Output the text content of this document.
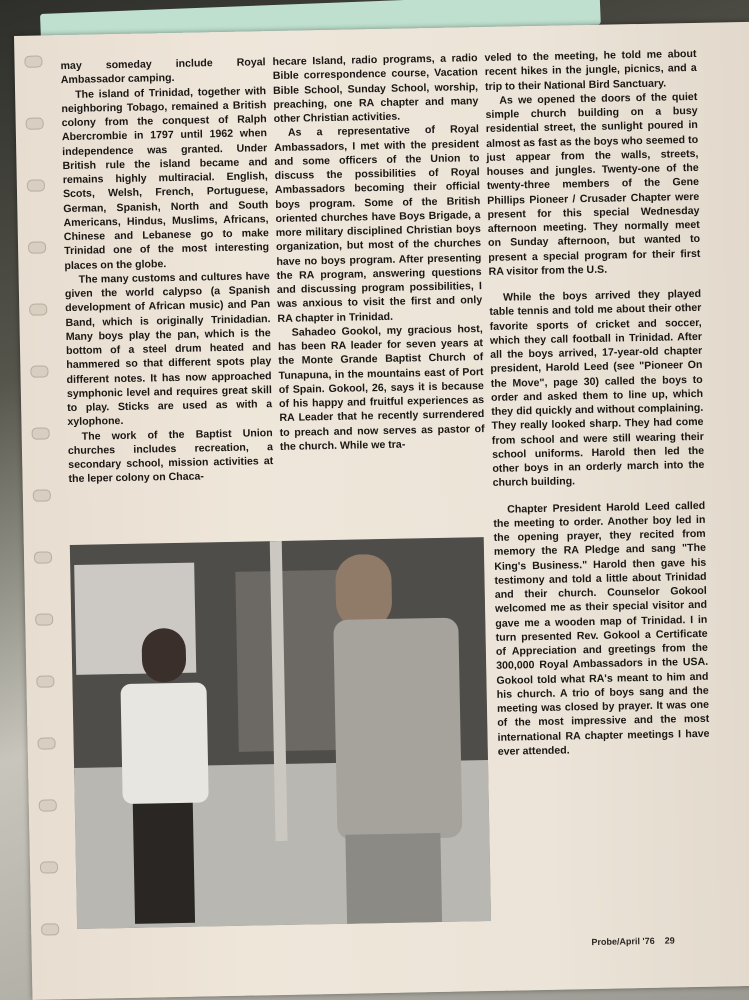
may someday include Royal Ambassador camping.

The island of Trinidad, together with neighboring Tobago, remained a British colony from the conquest of Ralph Abercrombie in 1797 until 1962 when independence was granted. Under British rule the island became and remains highly multiracial. English, Scots, Welsh, French, Portuguese, German, Spanish, North and South Americans, Hindus, Muslims, Africans, Chinese and Lebanese go to make Trinidad one of the most interesting places on the globe.

The many customs and cultures have given the world calypso (a Spanish development of African music) and Pan Band, which is originally Trinidadian. Many boys play the pan, which is the bottom of a steel drum heated and hammered so that different spots play different notes. It has now approached symphonic level and requires great skill to play. Sticks are used as with a xylophone.

The work of the Baptist Union churches includes recreation, a secondary school, mission activities at the leper colony on Chaca-

hecare Island, radio programs, a radio Bible correspondence course, Vacation Bible School, Sunday School, worship, preaching, one RA chapter and many other Christian activities.

As a representative of Royal Ambassadors, I met with the president and some officers of the Union to discuss the possibilities of Royal Ambassadors becoming their official boys program. Some of the British oriented churches have Boys Brigade, a more military disciplined Christian boys organization, but most of the churches have no boys program. After presenting the RA program, answering questions and discussing program possibilities, I was anxious to visit the first and only RA chapter in Trinidad.

Sahadeo Gookol, my gracious host, has been RA leader for seven years at the Monte Grande Baptist Church of Tunapuna, in the mountains east of Port of Spain. Gokool, 26, says it is because of his happy and fruitful experiences as RA Leader that he recently surrendered to preach and now serves as pastor of the church. While we tra-

veled to the meeting, he told me about recent hikes in the jungle, picnics, and a trip to their National Bird Sanctuary.

As we opened the doors of the quiet simple church building on a busy residential street, the sunlight poured in almost as fast as the boys who seemed to just appear from the walls, streets, houses and jungles. Twenty-one of the twenty-three members of the Gene Phillips Pioneer / Crusader Chapter were present for this special Wednesday afternoon meeting. They normally meet on Sunday afternoon, but wanted to present a special program for their first RA visitor from the U.S.

While the boys arrived they played table tennis and told me about their other favorite sports of cricket and soccer, which they call football in Trinidad. After all the boys arrived, 17-year-old chapter president, Harold Leed (see "Pioneer On the Move", page 30) called the boys to order and asked them to line up, which they did quickly and without complaining. They really looked sharp. They had come from school and were still wearing their school uniforms. Harold then led the other boys in an orderly march into the church building.

Chapter President Harold Leed called the meeting to order. Another boy led in the opening prayer, they recited from memory the RA Pledge and sang "The King's Business." Harold then gave his testimony and told a little about Trinidad and their church. Counselor Gokool welcomed me as their special visitor and gave me a wooden map of Trinidad. I in turn presented Rev. Gokool a Certificate of Appreciation and greetings from the 300,000 Royal Ambassadors in the USA. Gokool told what RA's meant to him and his church. A trio of boys sang and the meeting was closed by prayer. It was one of the most impressive and the most international RA chapter meetings I have ever attended.

Probe/April '76 29
